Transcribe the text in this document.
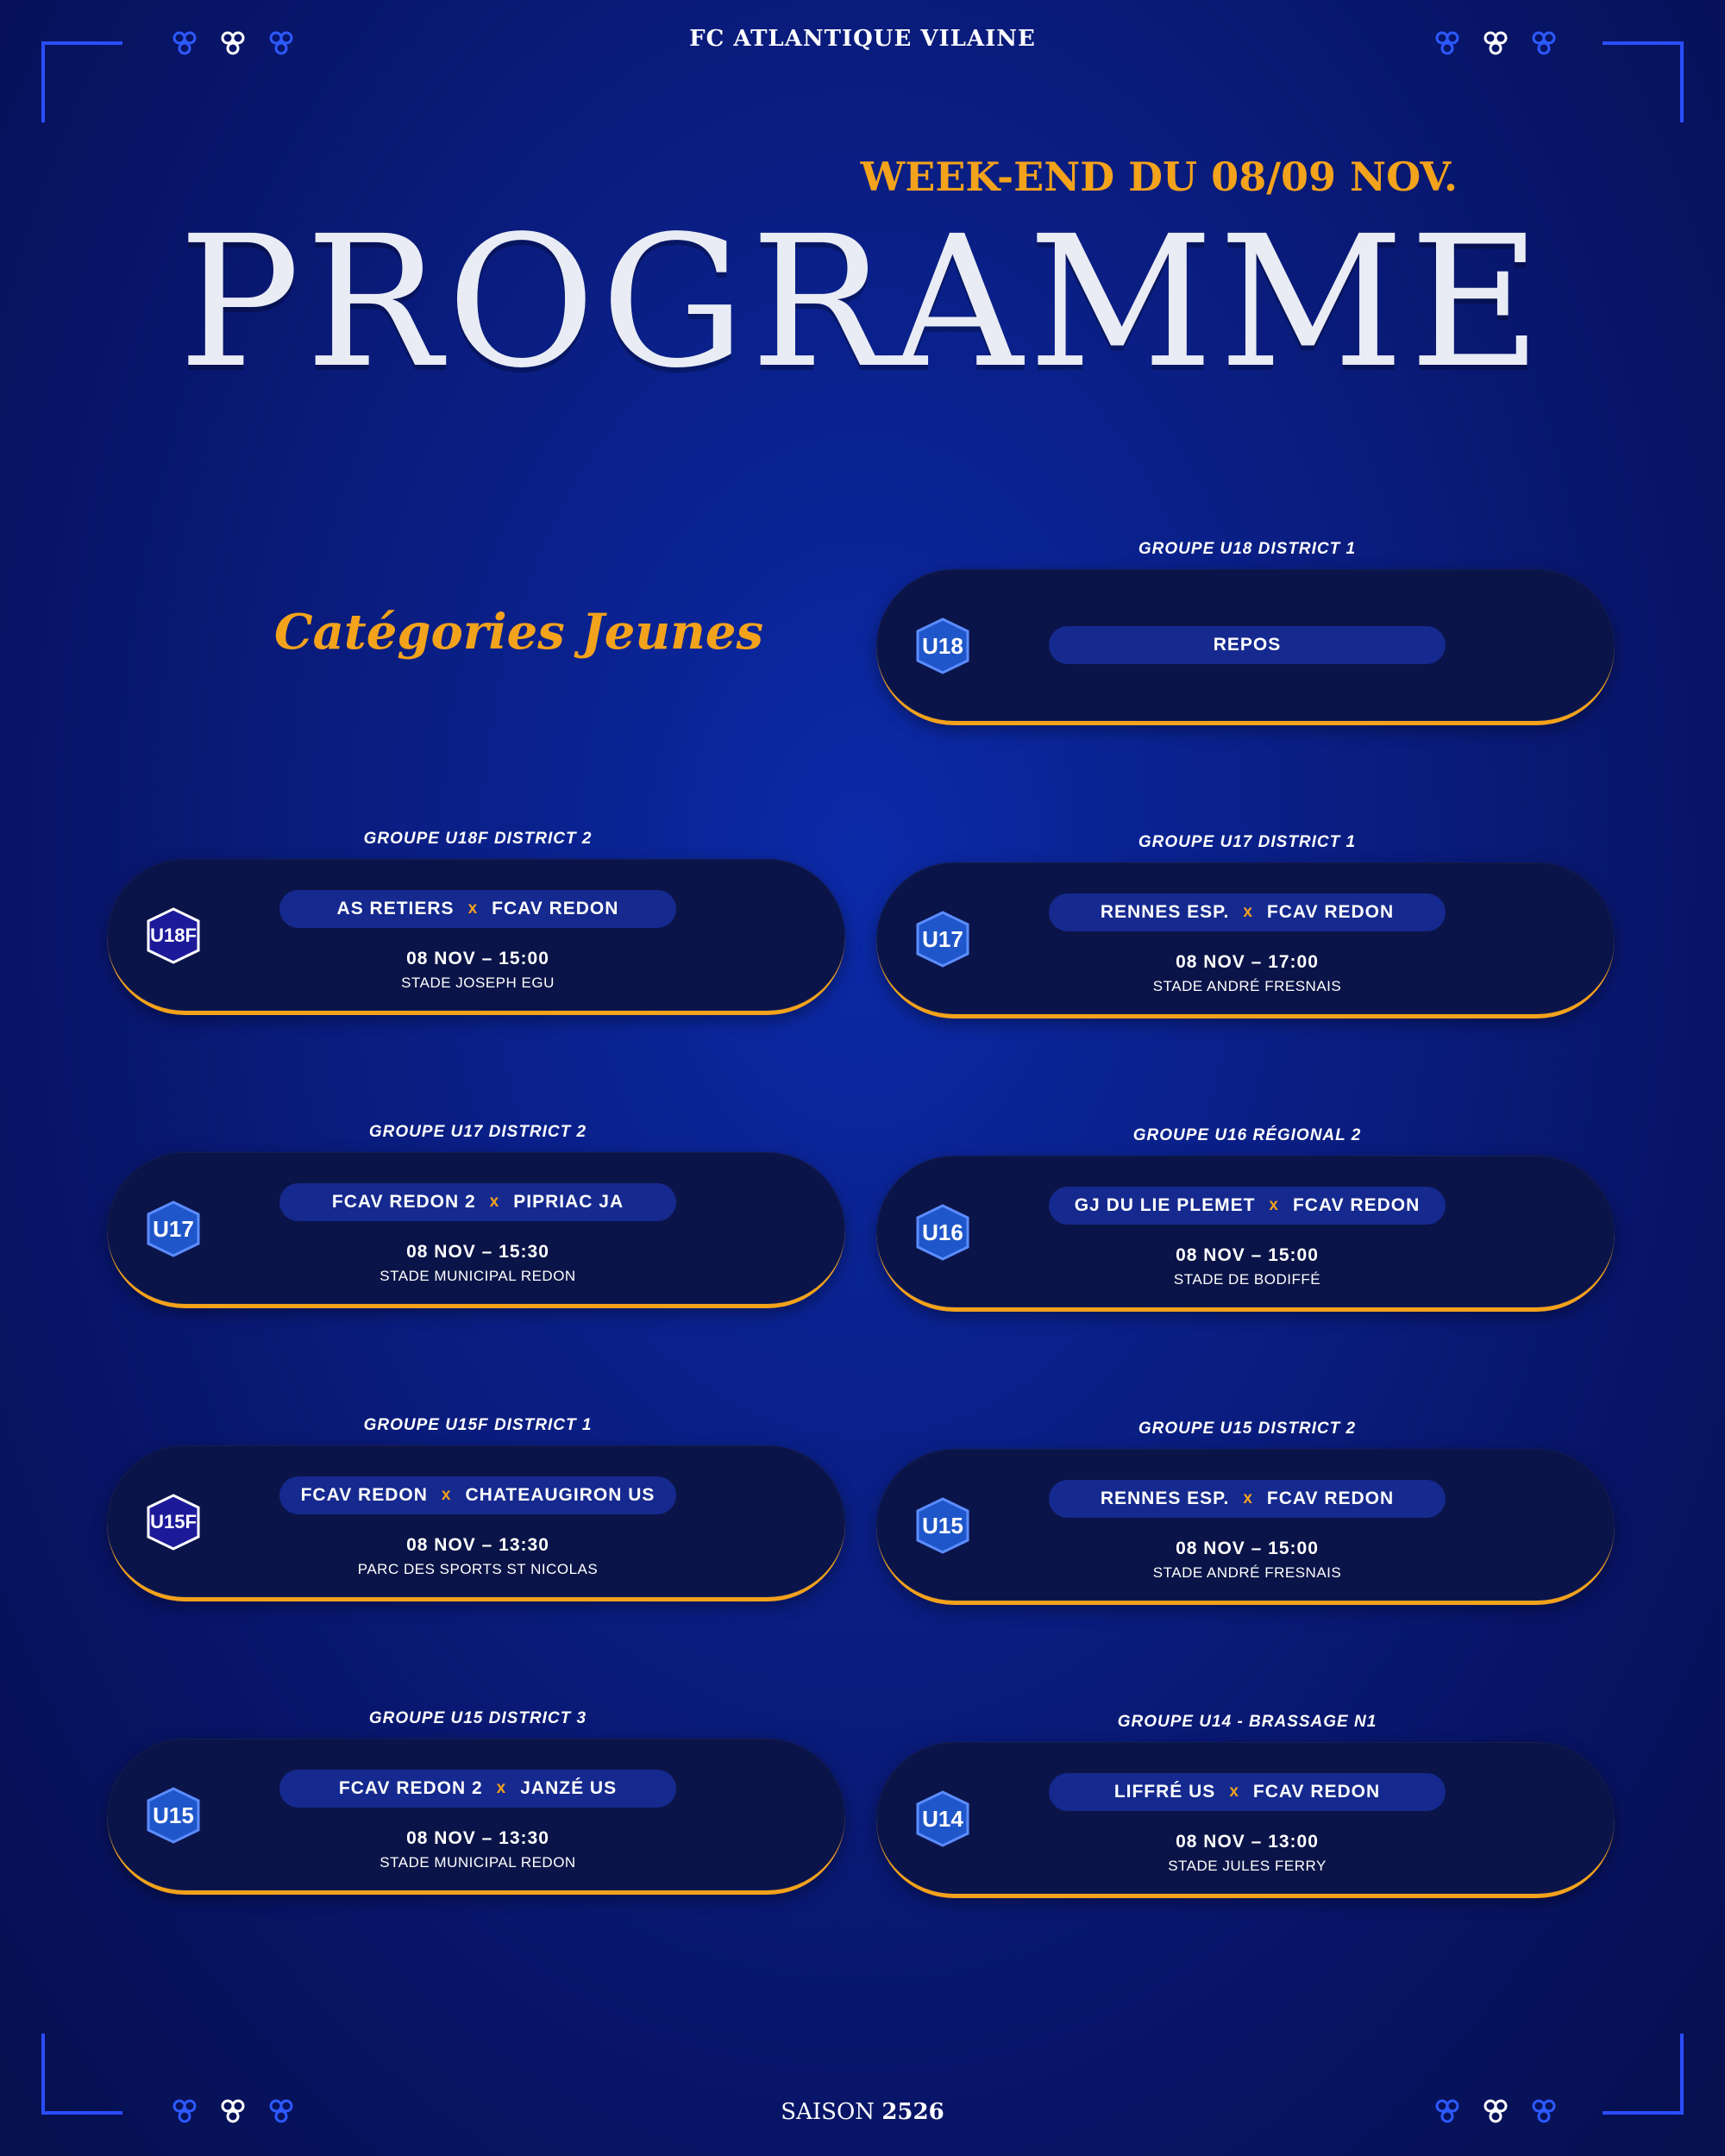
FC ATLANTIQUE VILAINE
WEEK-END DU 08/09 NOV.
PROGRAMME
Catégories Jeunes
GROUPE U18 DISTRICT 1
U18	REPOS
GROUPE U18F DISTRICT 2
U18F
AS RETIERS x FCAV REDON
08 NOV – 15:00
STADE JOSEPH EGU
GROUPE U17 DISTRICT 1
U17
RENNES ESP. x FCAV REDON
08 NOV – 17:00
STADE ANDRÉ FRESNAIS
GROUPE U17 DISTRICT 2
U17
FCAV REDON 2 x PIPRIAC JA
08 NOV – 15:30
STADE MUNICIPAL REDON
GROUPE U16 RÉGIONAL 2
U16
GJ DU LIE PLEMET x FCAV REDON
08 NOV – 15:00
STADE DE BODIFFÉ
GROUPE U15F DISTRICT 1
U15F
FCAV REDON x CHATEAUGIRON US
08 NOV – 13:30
PARC DES SPORTS ST NICOLAS
GROUPE U15 DISTRICT 2
U15
RENNES ESP. x FCAV REDON
08 NOV – 15:00
STADE ANDRÉ FRESNAIS
GROUPE U15 DISTRICT 3
U15
FCAV REDON 2 x JANZÉ US
08 NOV – 13:30
STADE MUNICIPAL REDON
GROUPE U14 - BRASSAGE N1
U14
LIFFRÉ US x FCAV REDON
08 NOV – 13:00
STADE JULES FERRY
SAISON 2526
